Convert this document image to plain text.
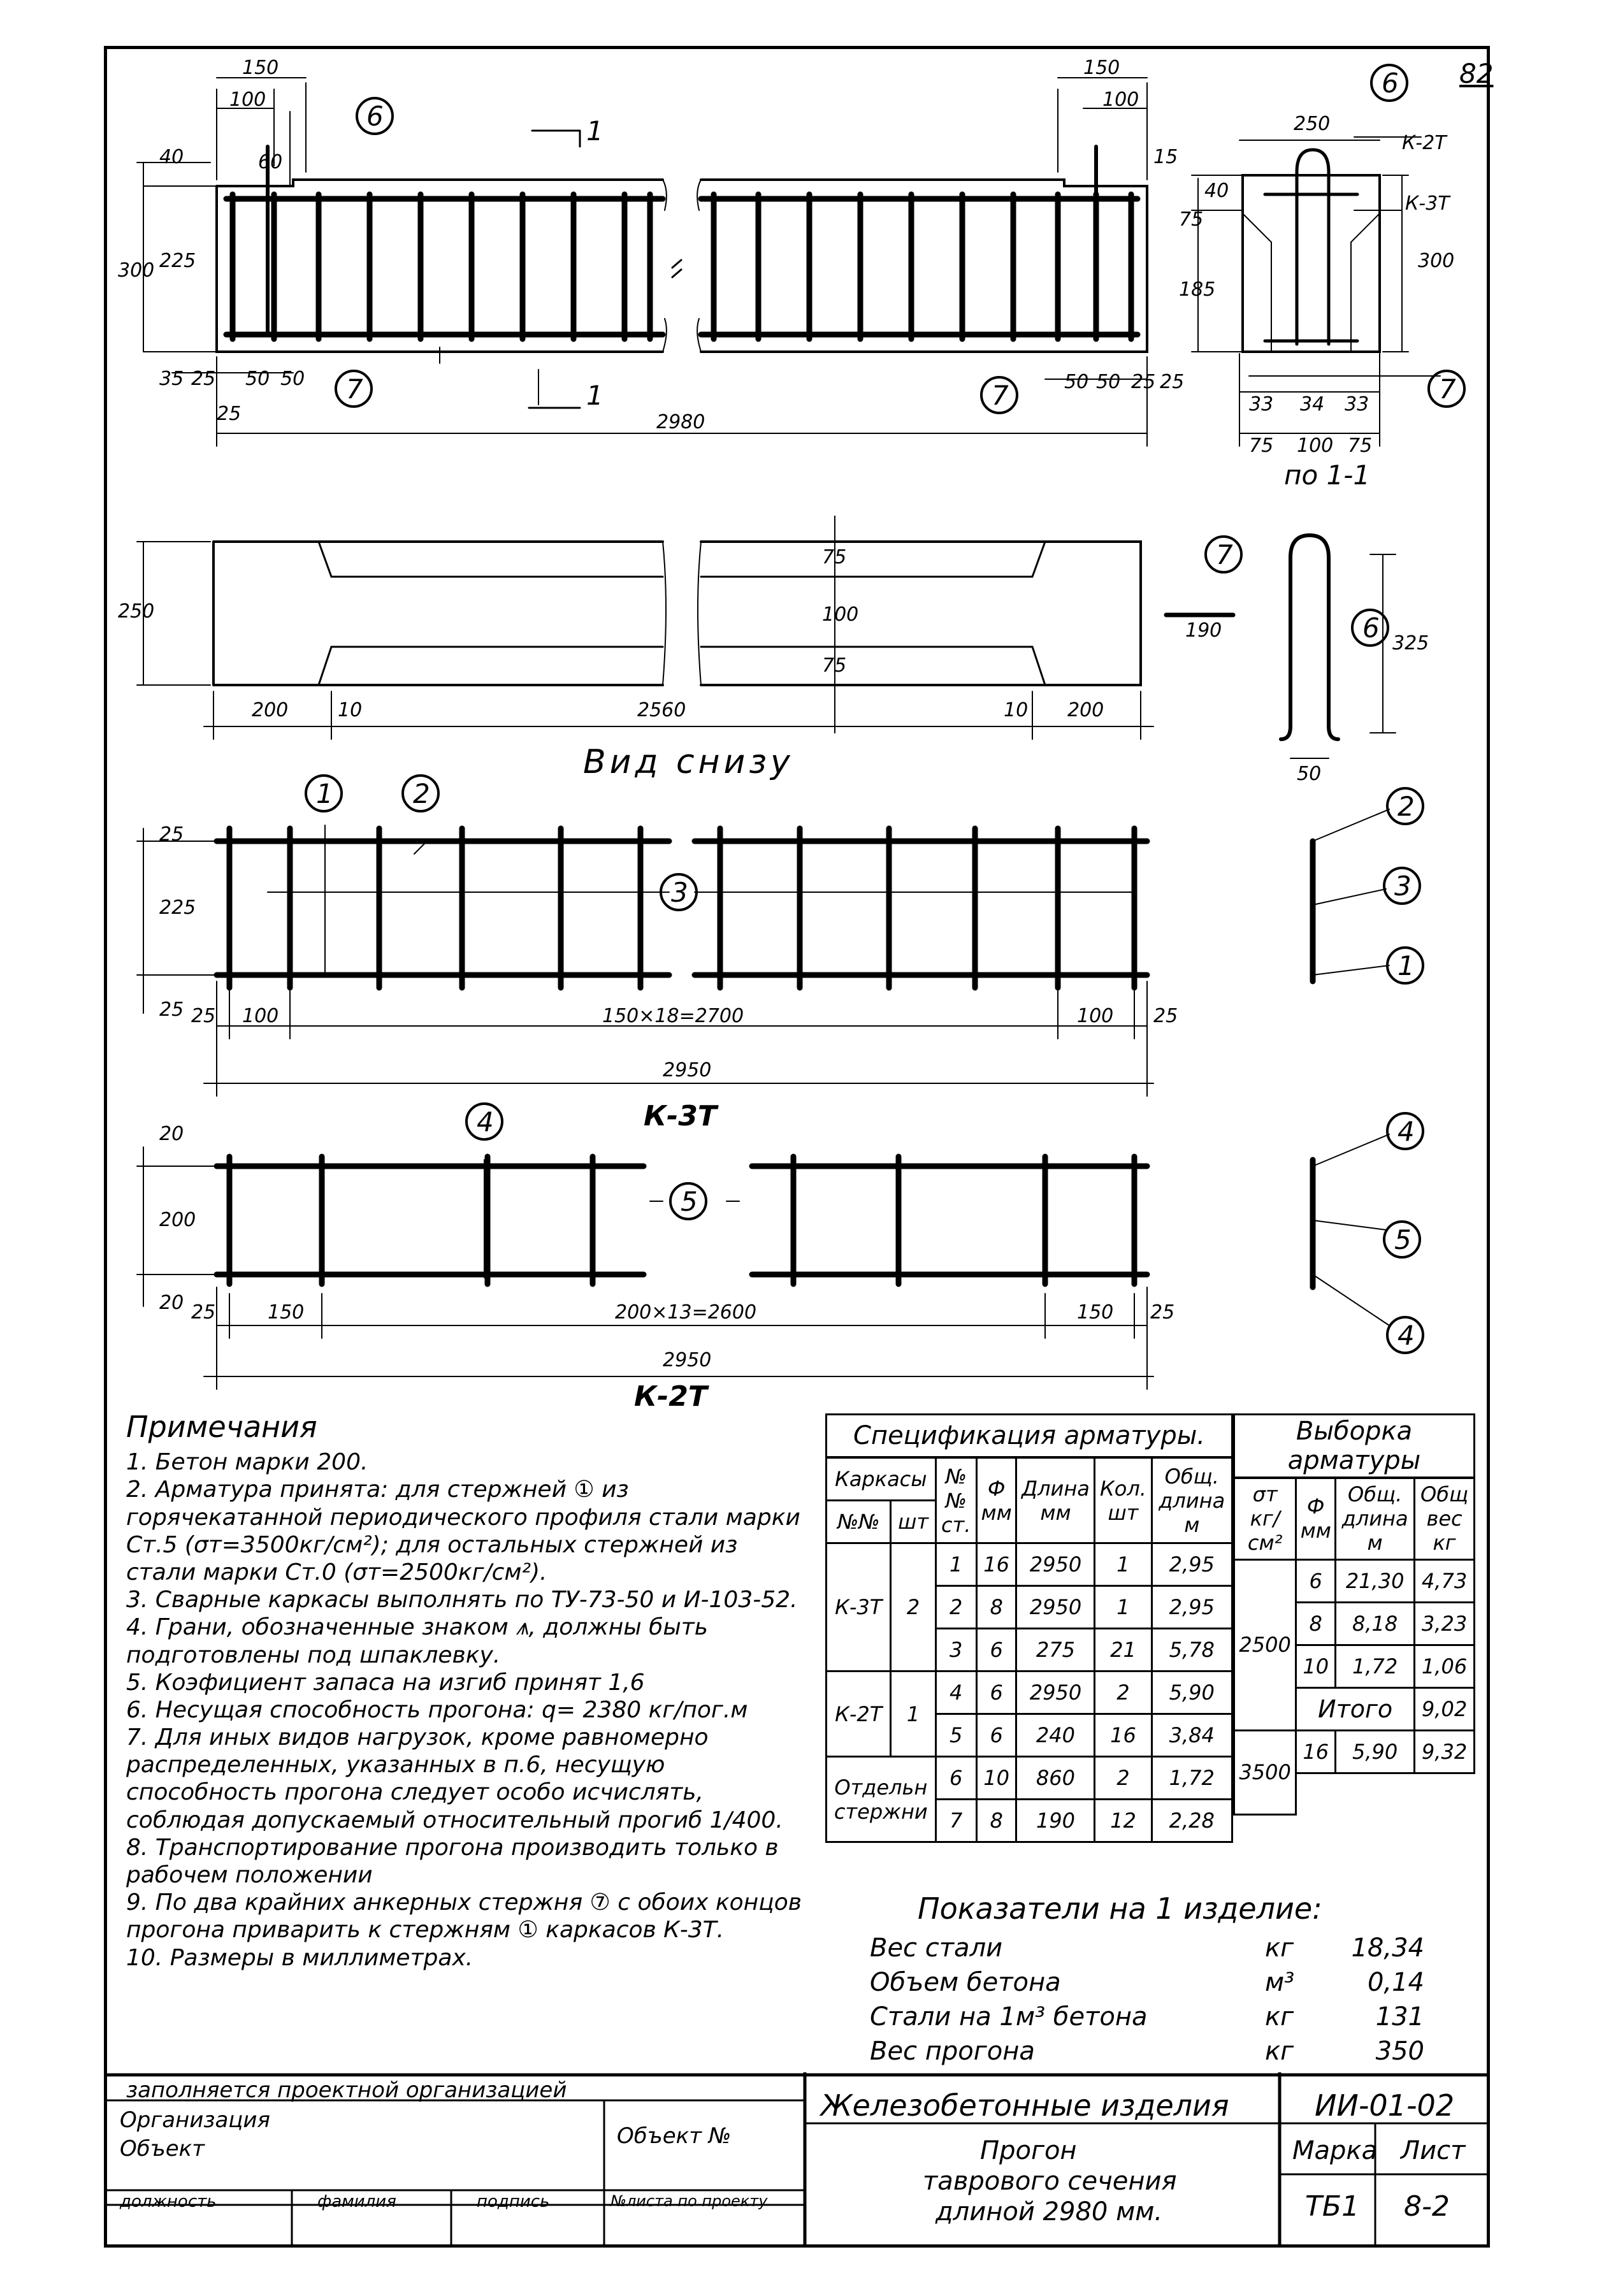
82
150
100
60
40
225
300
35 25 50 50
25
150
100
15
50 50 25 25
2980
1
1
6
7	7
250
300
40
75
185
33 34 33
75 100 75
по 1-1
К-2Т
К-3Т
6
7
250
75
100
75
200	10	2560	10 200
Вид снизу
190
325
50
7
6
25
225
25 25 100	150×18=2700	100 25
2950
К-3Т
1	2
3
2
3
1
20
200
20 25	150	200×13=2600	150 25
2950
К-2Т
4
5
4
5
4
Примечания

1. Бетон марки 200.

2. Арматура принята: для стержней ① из горячекатанной периодического профиля стали марки Ст.5 (σт=3500кг/см²); для остальных стержней из стали марки Ст.0 (σт=2500кг/см²).

3. Сварные каркасы выполнять по ТУ-73-50 и И-103-52.

4. Грани, обозначенные знаком ⩚, должны быть подготовлены под шпаклевку.

5. Коэфициент запаса на изгиб принят 1,6

6. Несущая способность прогона: q= 2380 кг/пог.м

7. Для иных видов нагрузок, кроме равномерно распределенных, указанных в п.6, несущую способность прогона следует особо исчислять, соблюдая допускаемый относительный прогиб 1/400.

8. Транспортирование прогона производить только в рабочем положении

9. По два крайних анкерных стержня ⑦ с обоих концов прогона приварить к стержням ① каркасов К-3Т.

10. Размеры в миллиметрах.

Спецификация арматуры.						
Каркасы		№№ ст.	Ф мм	Длина мм	Кол. шт	Общ. длина м
№№	шт					
К-3Т	2	1	16	2950	1	2,95
		2	8	2950	1	2,95
		3	6	275	21	5,78
К-2Т	1	4	6	2950	2	5,90
		5	6	240	16	3,84
Отдельн стержни		6	10	860	2	1,72
		7	8	190	12	2,28
Выборка арматуры			
σт кг/см²	Ф мм	Общ. длина м	Общ вес кг
2500	6	21,30	4,73
	8	8,18	3,23
	10	1,72	1,06
	Итого		9,02
3500	16	5,90	9,32

Показатели на 1 изделие:
Вес стали	кг	18,34
Объем бетона	м³	0,14
Стали на 1м³ бетона	кг	131
Вес прогона	кг	350
заполняется проектной организацией
Организация
Объект	Объект №
должность	фамилия	подпись	№листа по проекту
Железобетонные изделия	ИИ-01-02
Прогон
таврового сечения
длиной 2980 мм.
Марка
ТБ1
Лист
8-2
